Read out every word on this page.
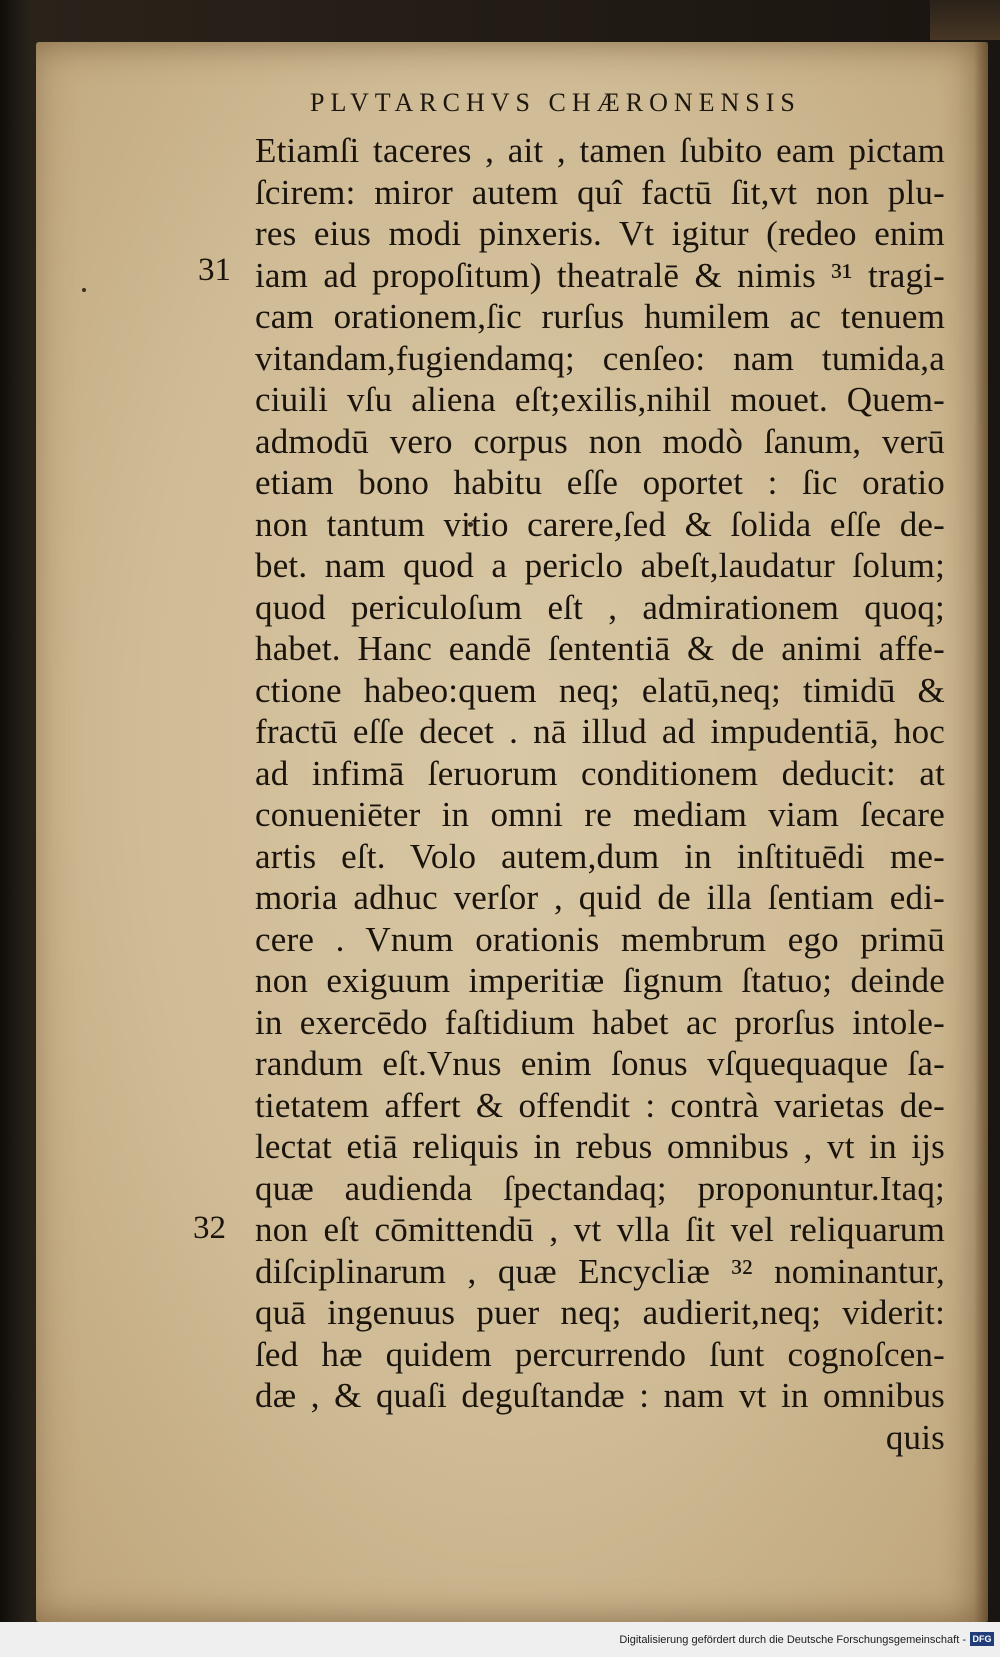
PLVTARCHVS CHÆRONENSIS
31
32
Etiamſi taceres , ait , tamen ſubito eam pictam
ſcirem: miror autem quî factū ſit,vt non plu-
res eius modi pinxeris. Vt igitur (redeo enim
iam ad propoſitum) theatralē & nimis ³¹ tragi-
cam orationem,ſic rurſus humilem ac tenuem
vitandam,fugiendamq; cenſeo: nam tumida,a
ciuili vſu aliena eſt;exilis,nihil mouet. Quem-
admodū vero corpus non modò ſanum, verū
etiam bono habitu eſſe oportet : ſic oratio
non tantum vitio carere,ſed & ſolida eſſe de-
bet. nam quod a periclo abeſt,laudatur ſolum;
quod periculoſum eſt , admirationem quoq;
habet. Hanc eandē ſententiā & de animi affe-
ctione habeo:quem neq; elatū,neq; timidū &
fractū eſſe decet . nā illud ad impudentiā, hoc
ad infimā ſeruorum conditionem deducit: at
conueniēter in omni re mediam viam ſecare
artis eſt. Volo autem,dum in inſtituēdi me-
moria adhuc verſor , quid de illa ſentiam edi-
cere . Vnum orationis membrum ego primū
non exiguum imperitiæ ſignum ſtatuo; deinde
in exercēdo faſtidium habet ac prorſus intole-
randum eſt.Vnus enim ſonus vſquequaque ſa-
tietatem affert & offendit : contrà varietas de-
lectat etiā reliquis in rebus omnibus , vt in ijs
quæ audienda ſpectandaq; proponuntur.Itaq;
non eſt cōmittendū , vt vlla ſit vel reliquarum
diſciplinarum , quæ Encycliæ ³² nominantur,
quā ingenuus puer neq; audierit,neq; viderit:
ſed hæ quidem percurrendo ſunt cognoſcen-
dæ , & quaſi deguſtandæ : nam vt in omnibus
quis
Digitalisierung gefördert durch die Deutsche Forschungsgemeinschaft - DFG
